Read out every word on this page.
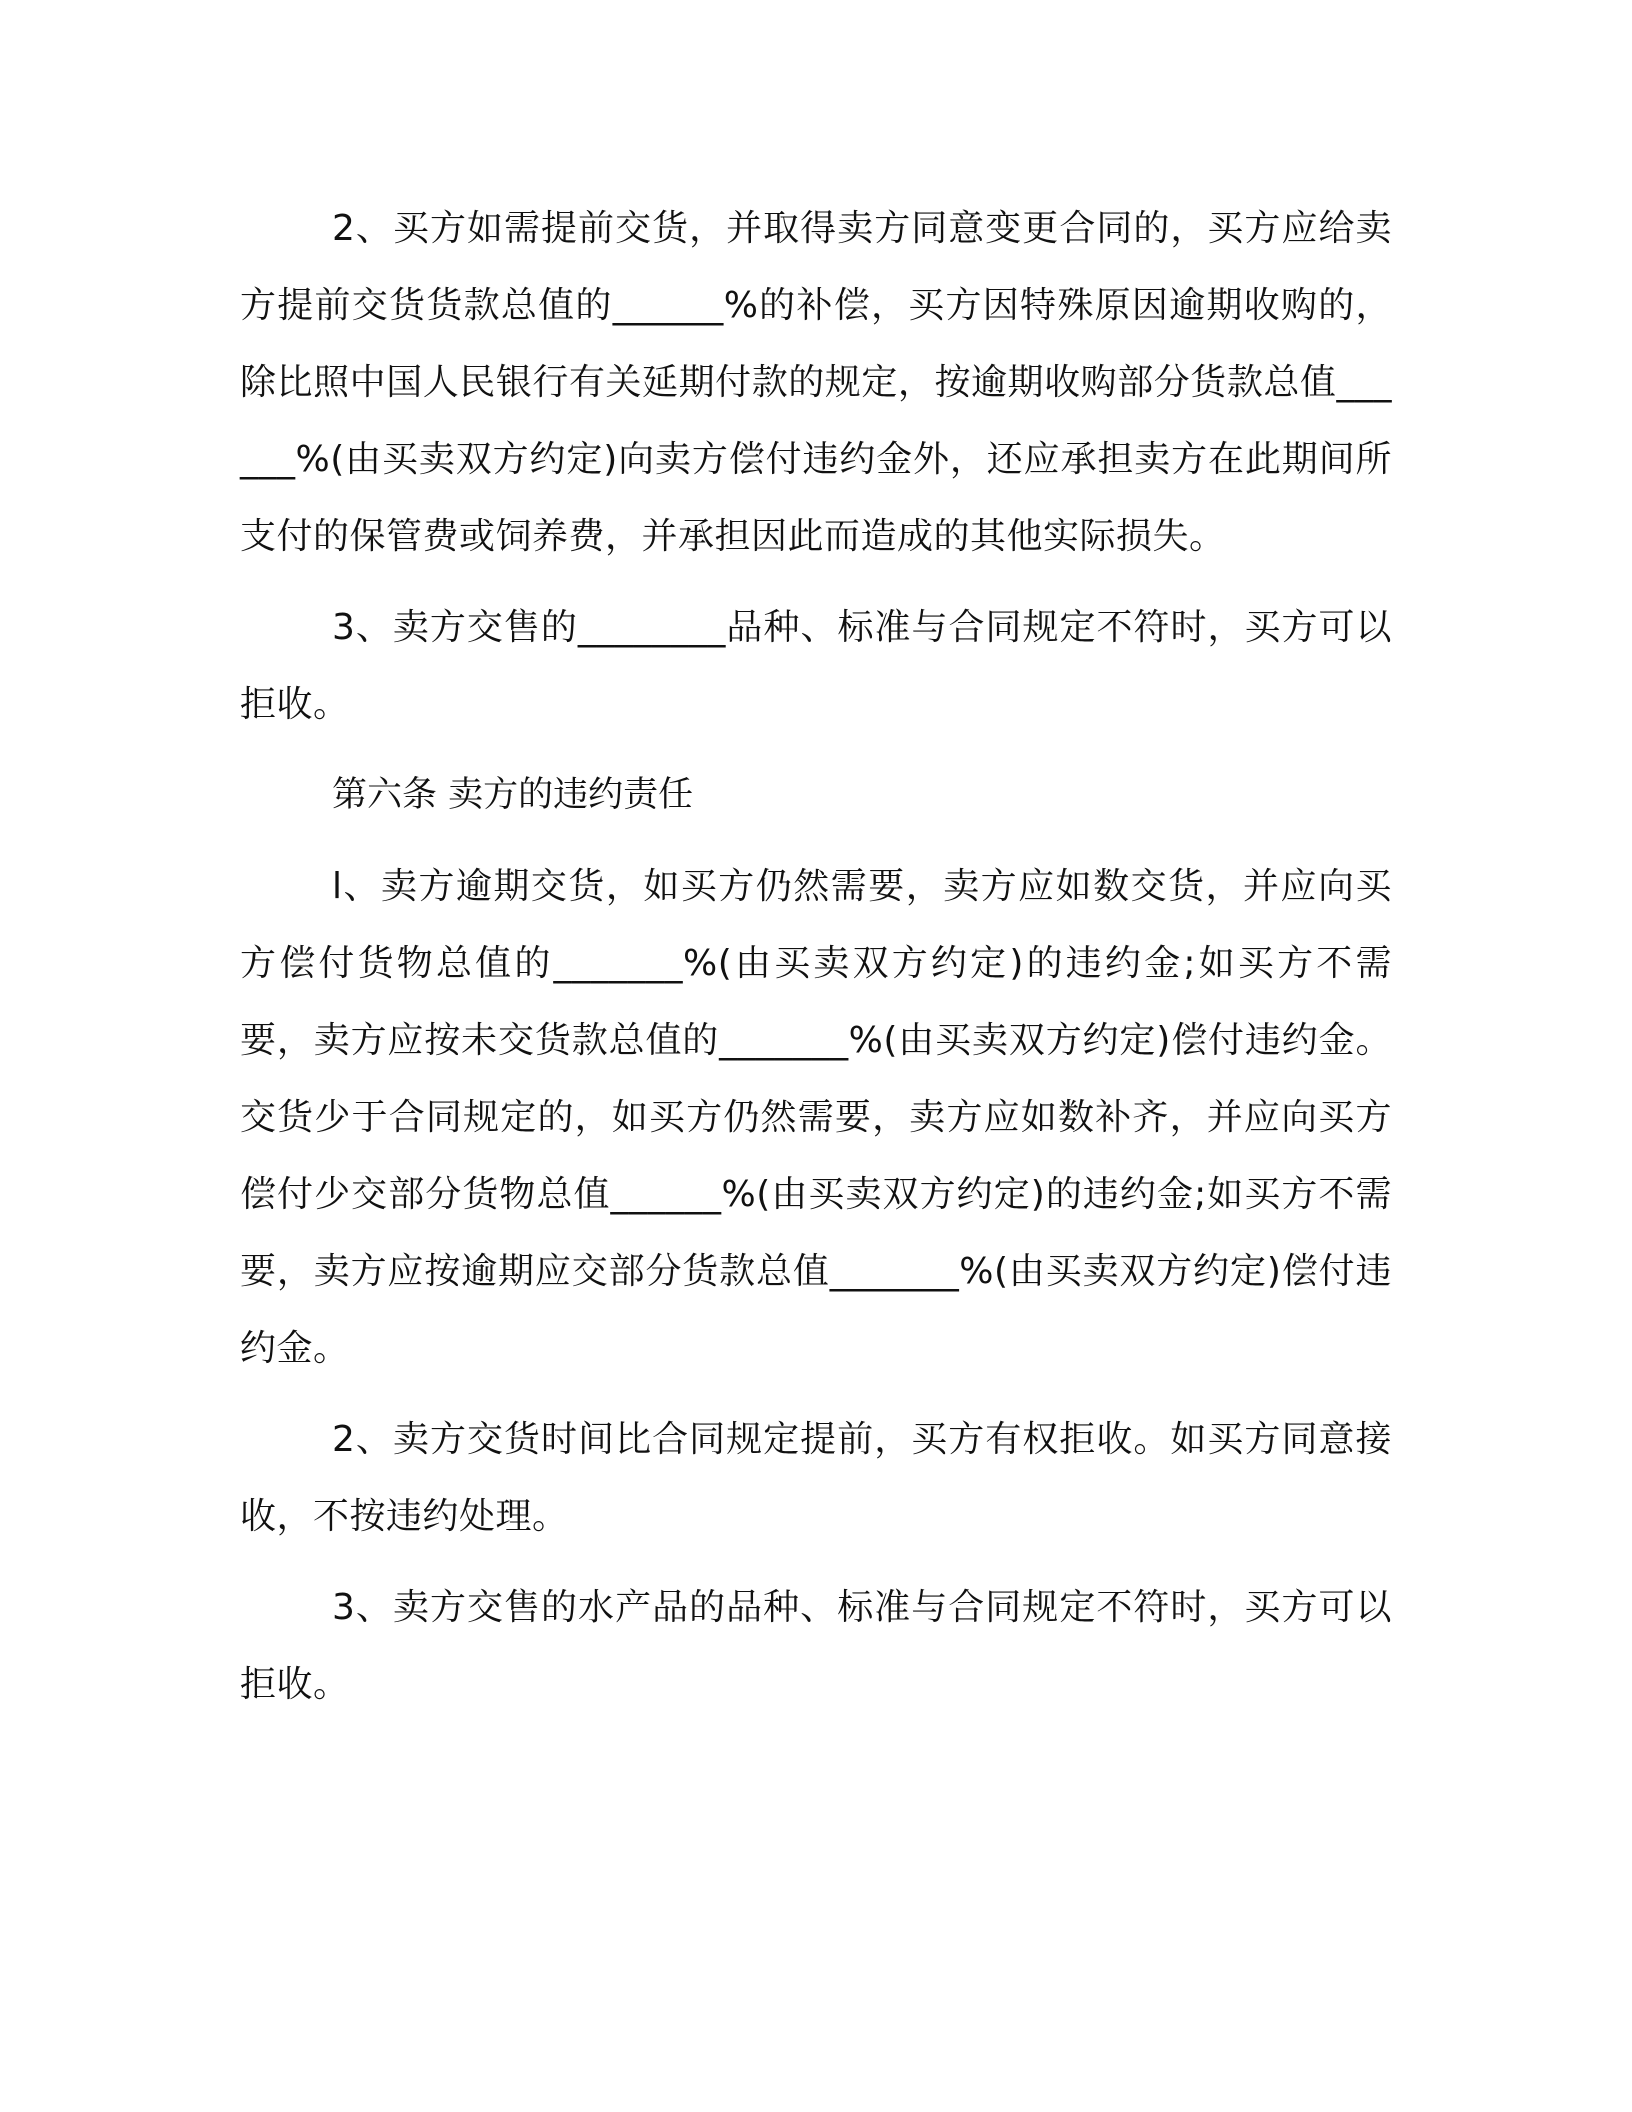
2、买方如需提前交货，并取得卖方同意变更合同的，买方应给卖方提前交货货款总值的______%的补偿，买方因特殊原因逾期收购的，除比照中国人民银行有关延期付款的规定，按逾期收购部分货款总值______%(由买卖双方约定)向卖方偿付违约金外，还应承担卖方在此期间所支付的保管费或饲养费，并承担因此而造成的其他实际损失。

3、卖方交售的________品种、标准与合同规定不符时，买方可以拒收。

第六条 卖方的违约责任

l、卖方逾期交货，如买方仍然需要，卖方应如数交货，并应向买方偿付货物总值的_______%(由买卖双方约定)的违约金;如买方不需要，卖方应按未交货款总值的_______%(由买卖双方约定)偿付违约金。交货少于合同规定的，如买方仍然需要，卖方应如数补齐，并应向买方偿付少交部分货物总值______%(由买卖双方约定)的违约金;如买方不需要，卖方应按逾期应交部分货款总值_______%(由买卖双方约定)偿付违约金。

2、卖方交货时间比合同规定提前，买方有权拒收。如买方同意接收，不按违约处理。

3、卖方交售的水产品的品种、标准与合同规定不符时，买方可以拒收。
